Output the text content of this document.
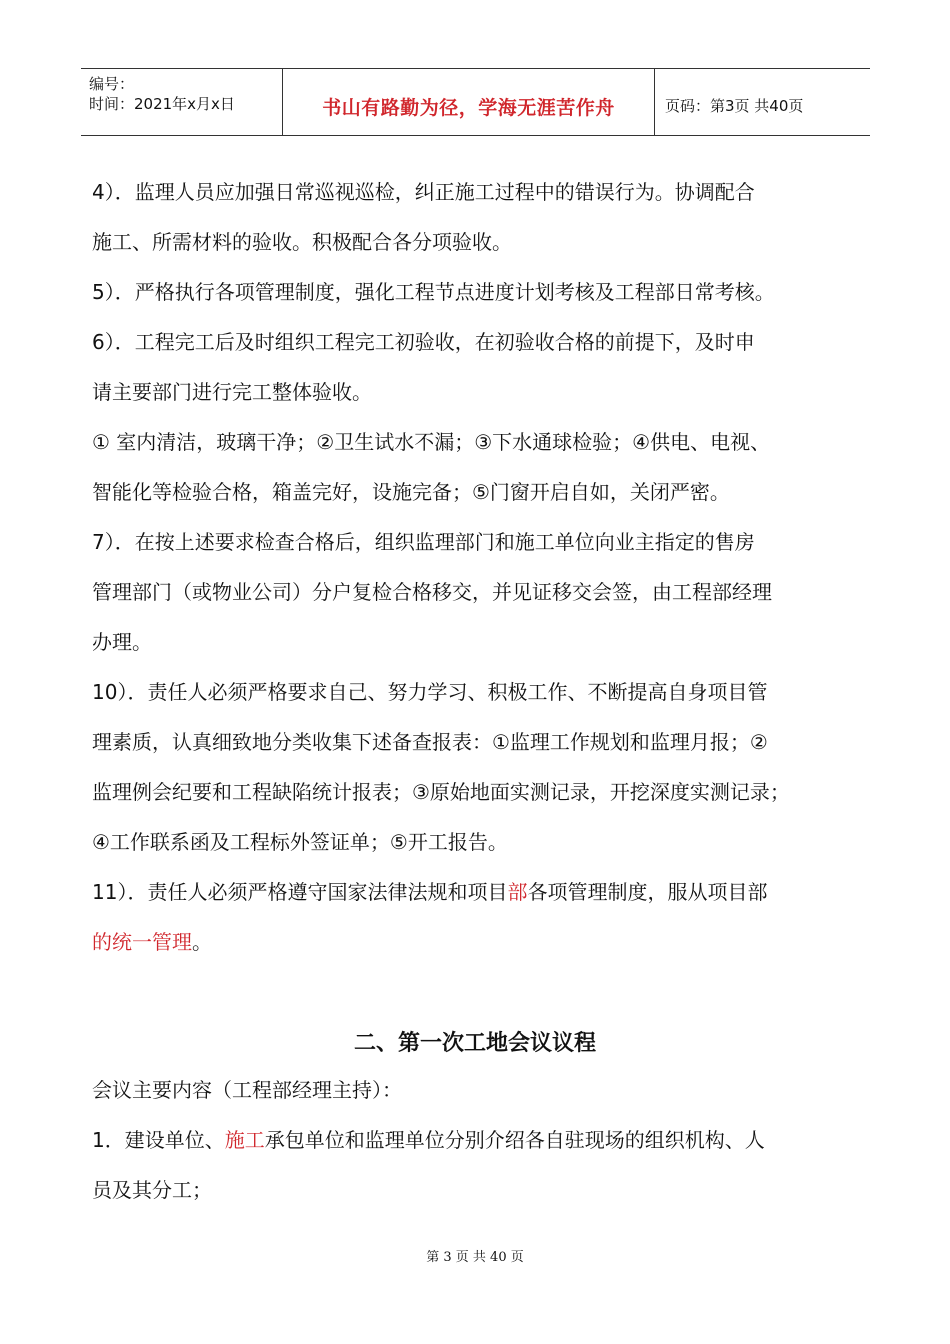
编号：
时间：2021年x月x日	书山有路勤为径，学海无涯苦作舟	页码：第3页 共40页
4）．监理人员应加强日常巡视巡检，纠正施工过程中的错误行为。协调配合
施工、所需材料的验收。积极配合各分项验收。
5）．严格执行各项管理制度，强化工程节点进度计划考核及工程部日常考核。
6）．工程完工后及时组织工程完工初验收，在初验收合格的前提下，及时申
请主要部门进行完工整体验收。
① 室内清洁，玻璃干净；②卫生试水不漏；③下水通球检验；④供电、电视、
智能化等检验合格，箱盖完好，设施完备；⑤门窗开启自如，关闭严密。
7）．在按上述要求检查合格后，组织监理部门和施工单位向业主指定的售房
管理部门（或物业公司）分户复检合格移交，并见证移交会签，由工程部经理
办理。
10）．责任人必须严格要求自己、努力学习、积极工作、不断提高自身项目管
理素质，认真细致地分类收集下述备查报表：①监理工作规划和监理月报；②
监理例会纪要和工程缺陷统计报表；③原始地面实测记录，开挖深度实测记录；
④工作联系函及工程标外签证单；⑤开工报告。
11）．责任人必须严格遵守国家法律法规和项目部各项管理制度，服从项目部
的统一管理。
二、第一次工地会议议程
会议主要内容（工程部经理主持）：
1．建设单位、施工承包单位和监理单位分别介绍各自驻现场的组织机构、人
员及其分工；
第 3 页 共 40 页
